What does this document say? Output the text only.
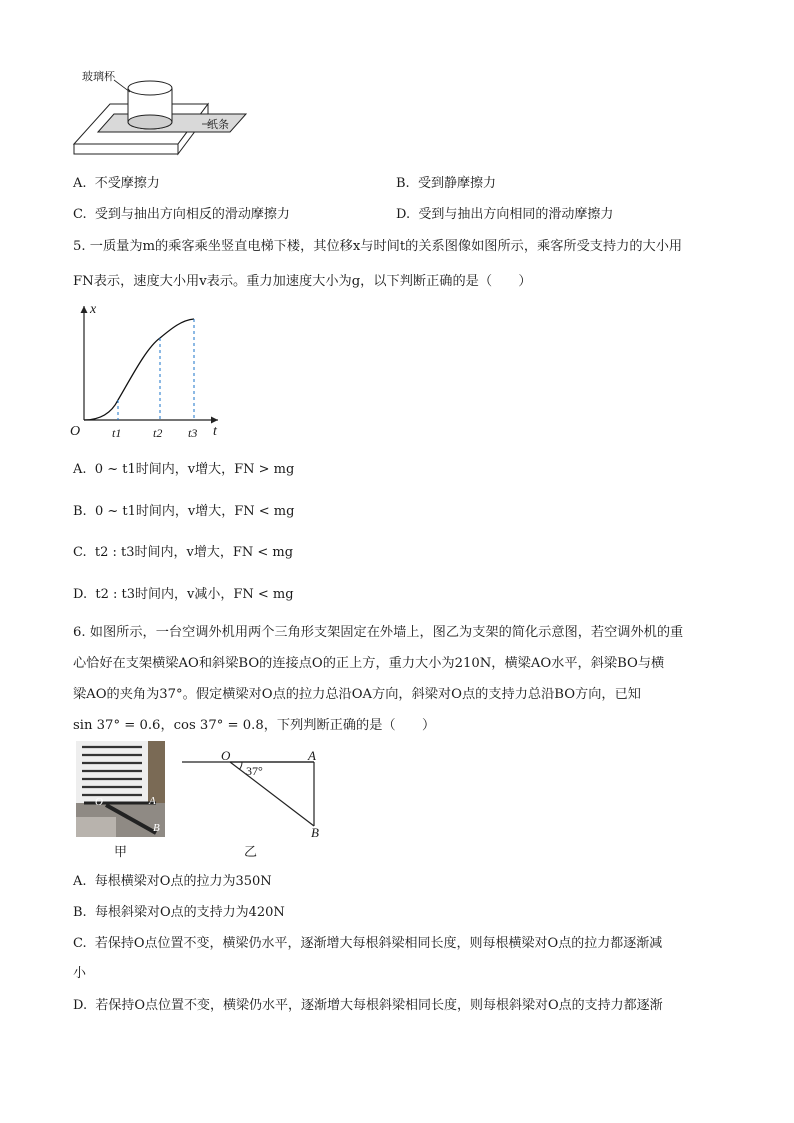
玻璃杯
纸条
A. 不受摩擦力	B. 受到静摩擦力
C. 受到与抽出方向相反的滑动摩擦力	D. 受到与抽出方向相同的滑动摩擦力
5. 一质量为m的乘客乘坐竖直电梯下楼，其位移x与时间t的关系图像如图所示，乘客所受支持力的大小用
FN表示，速度大小用v表示。重力加速度大小为g，以下判断正确的是（　　）
x
t
O	t1	t2 t3
A. 0 ~ t1时间内，v增大，FN > mg
B. 0 ~ t1时间内，v增大，FN < mg
C. t2 : t3时间内，v增大，FN < mg
D. t2 : t3时间内，v减小，FN < mg
6. 如图所示，一台空调外机用两个三角形支架固定在外墙上，图乙为支架的简化示意图，若空调外机的重
心恰好在支架横梁AO和斜梁BO的连接点O的正上方，重力大小为210N，横梁AO水平，斜梁BO与横
梁AO的夹角为37°。假定横梁对O点的拉力总沿OA方向，斜梁对O点的支持力总沿BO方向，已知
sin 37° = 0.6，cos 37° = 0.8，下列判断正确的是（　　）
O	A
B
甲
O	A
B
37°
乙
A. 每根横梁对O点的拉力为350N
B. 每根斜梁对O点的支持力为420N
C. 若保持O点位置不变，横梁仍水平，逐渐增大每根斜梁相同长度，则每根横梁对O点的拉力都逐渐减
小
D. 若保持O点位置不变，横梁仍水平，逐渐增大每根斜梁相同长度，则每根斜梁对O点的支持力都逐渐
